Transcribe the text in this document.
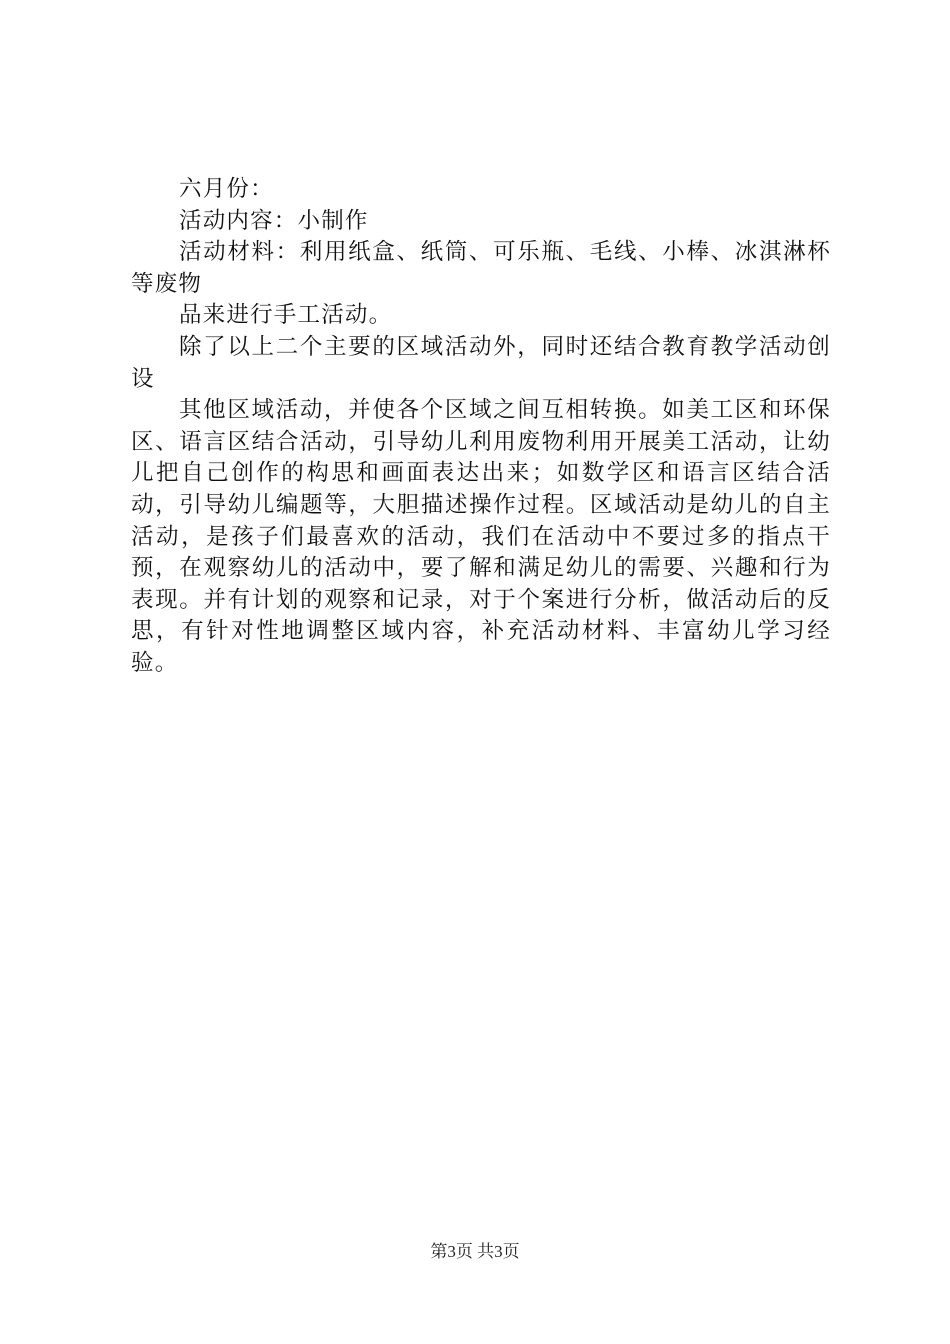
六月份：

活动内容：小制作

活动材料：利用纸盒、纸筒、可乐瓶、毛线、小棒、冰淇淋杯等废物

品来进行手工活动。

除了以上二个主要的区域活动外，同时还结合教育教学活动创设

其他区域活动，并使各个区域之间互相转换。如美工区和环保区、语言区结合活动，引导幼儿利用废物利用开展美工活动，让幼儿把自己创作的构思和画面表达出来；如数学区和语言区结合活动，引导幼儿编题等，大胆描述操作过程。区域活动是幼儿的自主活动，是孩子们最喜欢的活动，我们在活动中不要过多的指点干预，在观察幼儿的活动中，要了解和满足幼儿的需要、兴趣和行为表现。并有计划的观察和记录，对于个案进行分析，做活动后的反思，有针对性地调整区域内容，补充活动材料、丰富幼儿学习经验。

第3页 共3页
